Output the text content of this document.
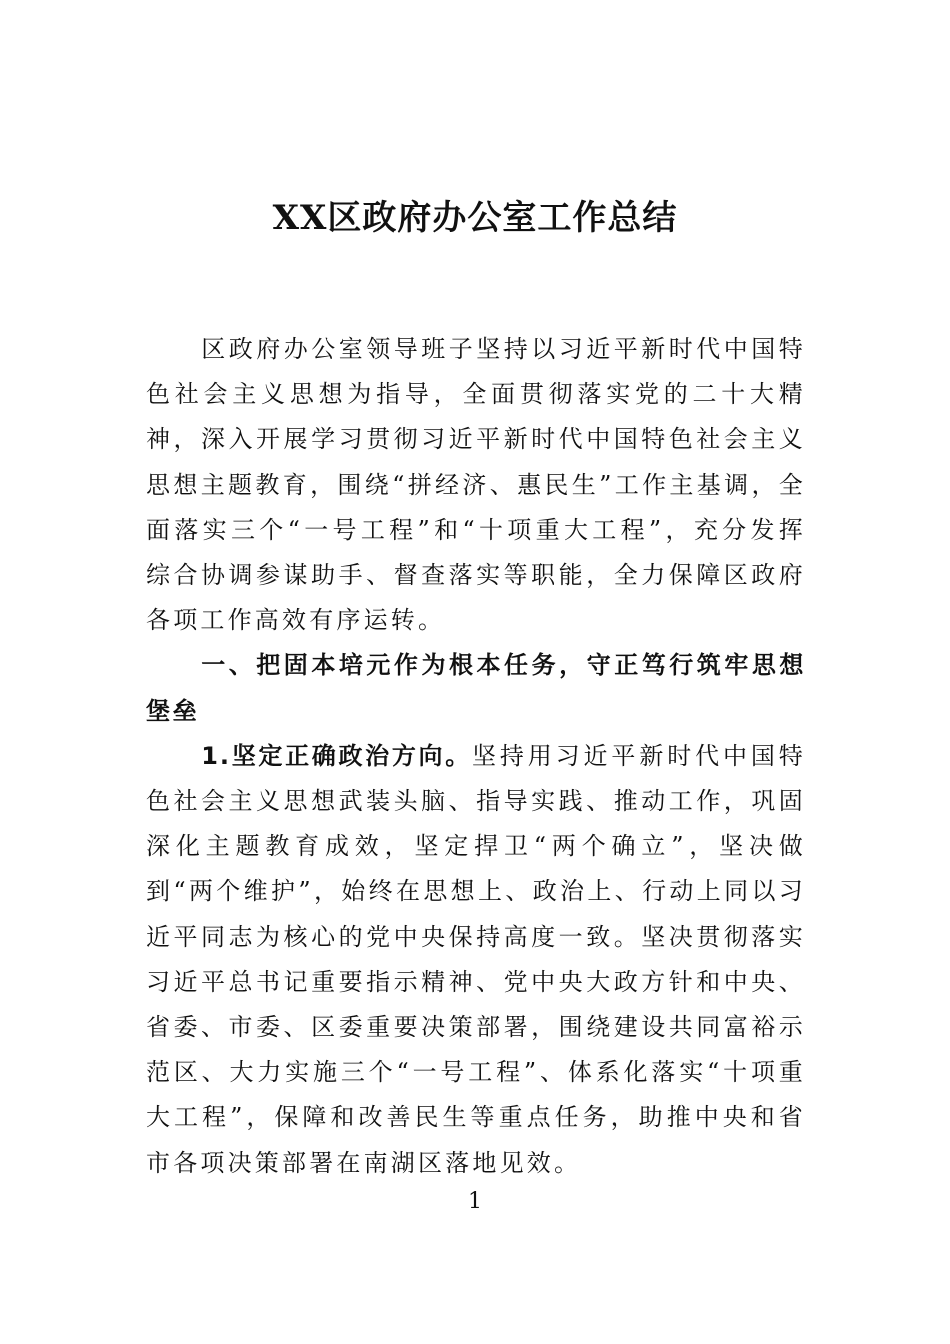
XX区政府办公室工作总结

区政府办公室领导班子坚持以习近平新时代中国特色社会主义思想为指导，全面贯彻落实党的二十大精神，深入开展学习贯彻习近平新时代中国特色社会主义思想主题教育，围绕“拼经济、惠民生”工作主基调，全面落实三个“一号工程”和“十项重大工程”，充分发挥综合协调参谋助手、督查落实等职能，全力保障区政府各项工作高效有序运转。

一、把固本培元作为根本任务，守正笃行筑牢思想堡垒

1.坚定正确政治方向。坚持用习近平新时代中国特色社会主义思想武装头脑、指导实践、推动工作，巩固深化主题教育成效，坚定捍卫“两个确立”，坚决做到“两个维护”，始终在思想上、政治上、行动上同以习近平同志为核心的党中央保持高度一致。坚决贯彻落实习近平总书记重要指示精神、党中央大政方针和中央、省委、市委、区委重要决策部署，围绕建设共同富裕示范区、大力实施三个“一号工程”、体系化落实“十项重大工程”，保障和改善民生等重点任务，助推中央和省市各项决策部署在南湖区落地见效。

1
